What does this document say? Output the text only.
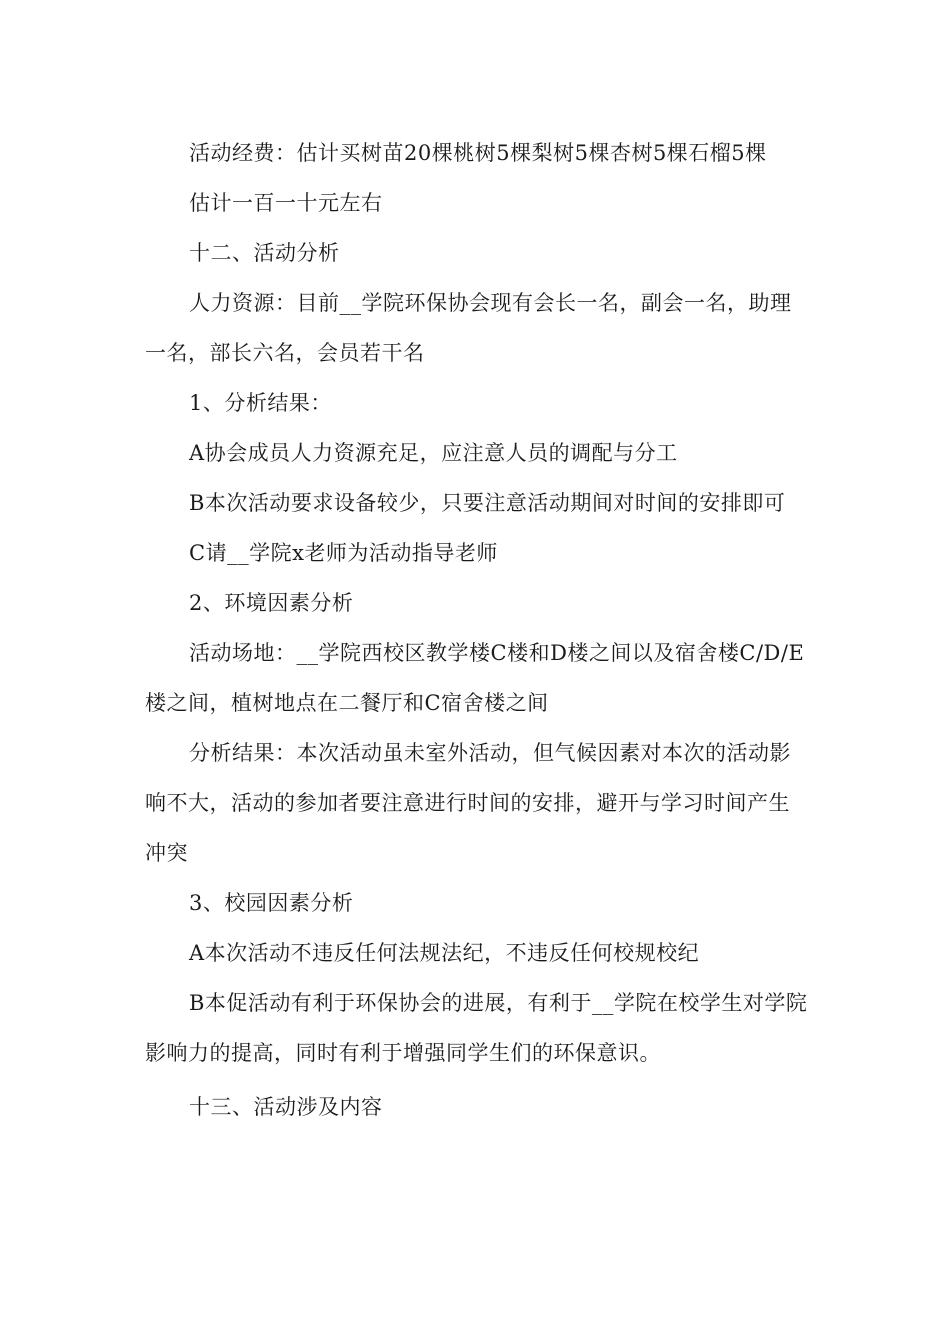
活动经费：估计买树苗20棵桃树5棵梨树5棵杏树5棵石榴5棵

估计一百一十元左右

十二、活动分析

人力资源：目前__学院环保协会现有会长一名，副会一名，助理一名，部长六名，会员若干名

1、分析结果：

A协会成员人力资源充足，应注意人员的调配与分工

B本次活动要求设备较少，只要注意活动期间对时间的安排即可

C请__学院x老师为活动指导老师

2、环境因素分析

活动场地：__学院西校区教学楼C楼和D楼之间以及宿舍楼C/D/E楼之间，植树地点在二餐厅和C宿舍楼之间

分析结果：本次活动虽未室外活动，但气候因素对本次的活动影响不大，活动的参加者要注意进行时间的安排，避开与学习时间产生冲突

3、校园因素分析

A本次活动不违反任何法规法纪，不违反任何校规校纪

B本促活动有利于环保协会的进展，有利于__学院在校学生对学院影响力的提高，同时有利于增强同学生们的环保意识。

十三、活动涉及内容
